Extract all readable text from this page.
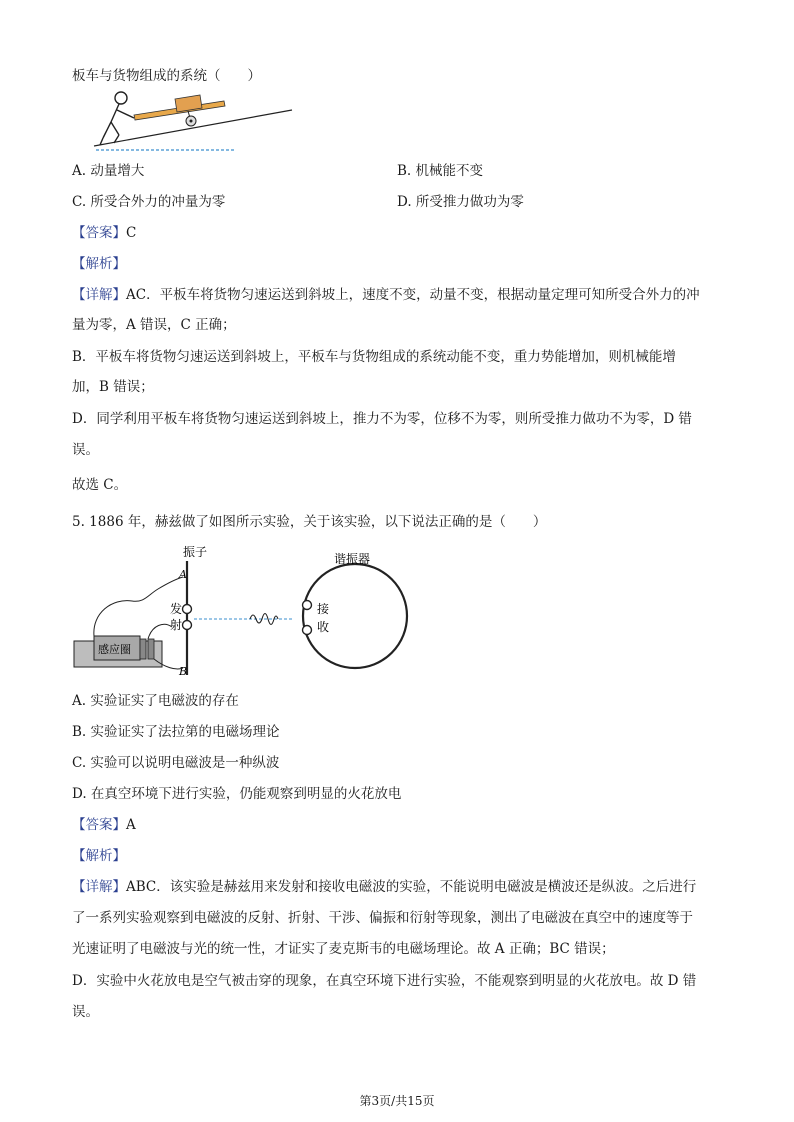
板车与货物组成的系统（　　）
A. 动量增大	B. 机械能不变
C. 所受合外力的冲量为零	D. 所受推力做功为零
【答案】C
【解析】
【详解】AC．平板车将货物匀速运送到斜坡上，速度不变，动量不变，根据动量定理可知所受合外力的冲
量为零，A 错误，C 正确；
B．平板车将货物匀速运送到斜坡上，平板车与货物组成的系统动能不变，重力势能增加，则机械能增
加，B 错误；
D．同学利用平板车将货物匀速运送到斜坡上，推力不为零，位移不为零，则所受推力做功不为零，D 错
误。
故选 C。
5. 1886 年，赫兹做了如图所示实验，关于该实验，以下说法正确的是（　　）
振子
A
B
发
射
感应圈
谐振器
接
收
A. 实验证实了电磁波的存在
B. 实验证实了法拉第的电磁场理论
C. 实验可以说明电磁波是一种纵波
D. 在真空环境下进行实验，仍能观察到明显的火花放电
【答案】A
【解析】
【详解】ABC．该实验是赫兹用来发射和接收电磁波的实验，不能说明电磁波是横波还是纵波。之后进行
了一系列实验观察到电磁波的反射、折射、干涉、偏振和衍射等现象，测出了电磁波在真空中的速度等于
光速证明了电磁波与光的统一性，才证实了麦克斯韦的电磁场理论。故 A 正确；BC 错误；
D．实验中火花放电是空气被击穿的现象，在真空环境下进行实验，不能观察到明显的火花放电。故 D 错
误。
第3页/共15页
